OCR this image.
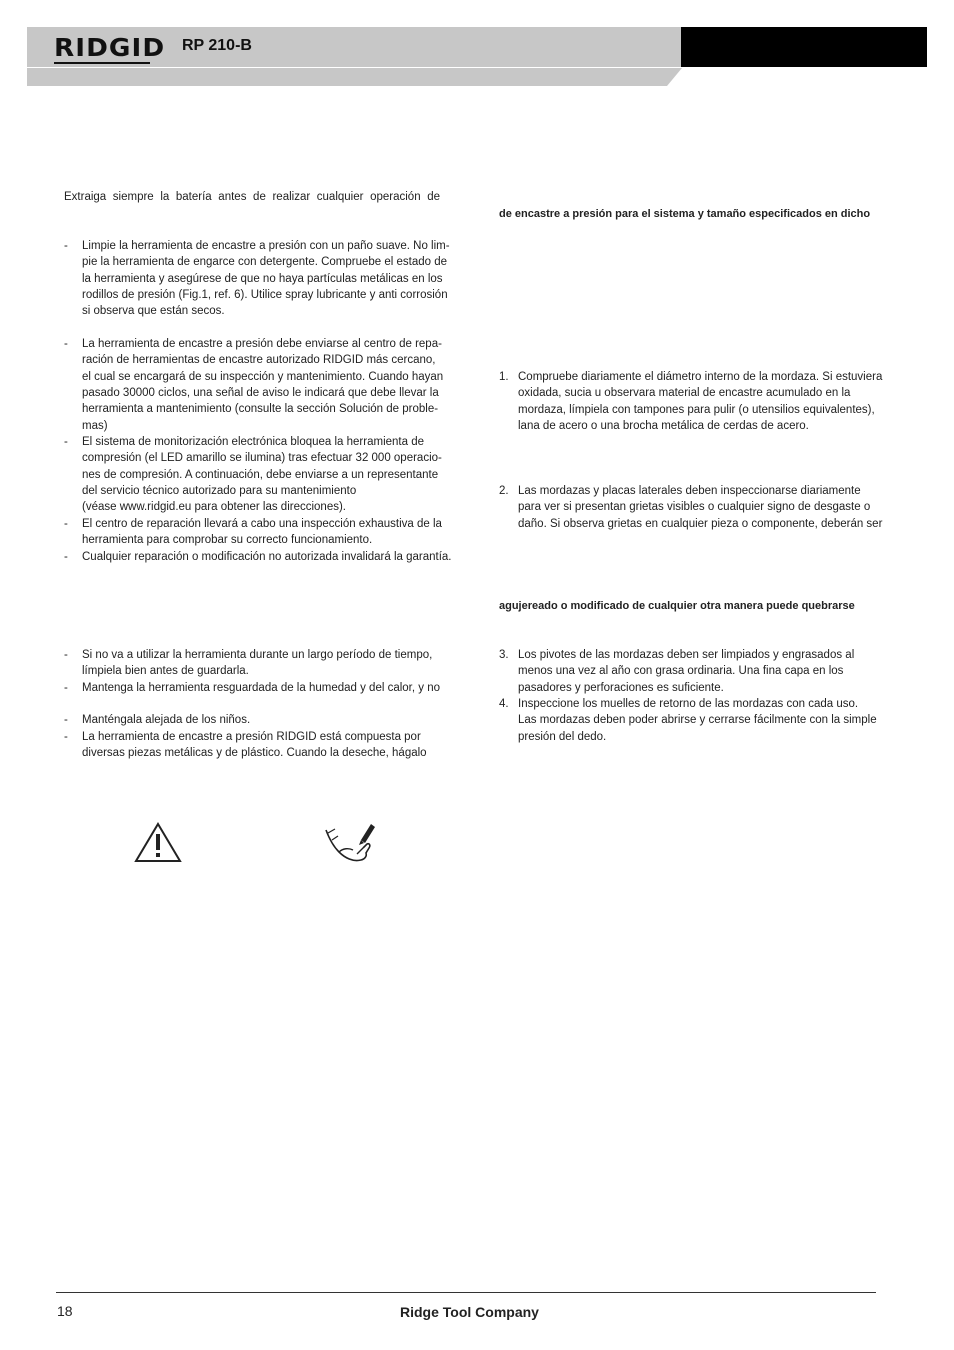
RIDGID RP 210-B
Extraiga siempre la batería antes de realizar cualquier operación de
- Limpie la herramienta de encastre a presión con un paño suave. No lim-
pie la herramienta de engarce con detergente. Compruebe el estado de
la herramienta y asegúrese de que no haya partículas metálicas en los
rodillos de presión (Fig.1, ref. 6). Utilice spray lubricante y anti corrosión
si observa que están secos.
- La herramienta de encastre a presión debe enviarse al centro de repa-
ración de herramientas de encastre autorizado RIDGID más cercano,
el cual se encargará de su inspección y mantenimiento. Cuando hayan
pasado 30000 ciclos, una señal de aviso le indicará que debe llevar la
herramienta a mantenimiento (consulte la sección Solución de proble-
mas)
- El sistema de monitorización electrónica bloquea la herramienta de
compresión (el LED amarillo se ilumina) tras efectuar 32 000 operacio-
nes de compresión. A continuación, debe enviarse a un representante
del servicio técnico autorizado para su mantenimiento
(véase www.ridgid.eu para obtener las direcciones).
- El centro de reparación llevará a cabo una inspección exhaustiva de la
herramienta para comprobar su correcto funcionamiento.
- Cualquier reparación o modificación no autorizada invalidará la garantía.
- Si no va a utilizar la herramienta durante un largo período de tiempo,
límpiela bien antes de guardarla.
- Mantenga la herramienta resguardada de la humedad y del calor, y no
- Manténgala alejada de los niños.
- La herramienta de encastre a presión RIDGID está compuesta por
diversas piezas metálicas y de plástico. Cuando la deseche, hágalo
de encastre a presión para el sistema y tamaño especificados en dicho
1. Compruebe diariamente el diámetro interno de la mordaza. Si estuviera
oxidada, sucia u observara material de encastre acumulado en la
mordaza, límpiela con tampones para pulir (o utensilios equivalentes),
lana de acero o una brocha metálica de cerdas de acero.
2. Las mordazas y placas laterales deben inspeccionarse diariamente
para ver si presentan grietas visibles o cualquier signo de desgaste o
daño. Si observa grietas en cualquier pieza o componente, deberán ser
agujereado o modificado de cualquier otra manera puede quebrarse
3. Los pivotes de las mordazas deben ser limpiados y engrasados al
menos una vez al año con grasa ordinaria. Una fina capa en los
pasadores y perforaciones es suficiente.
4. Inspeccione los muelles de retorno de las mordazas con cada uso.
Las mordazas deben poder abrirse y cerrarse fácilmente con la simple
presión del dedo.
18	Ridge Tool Company
